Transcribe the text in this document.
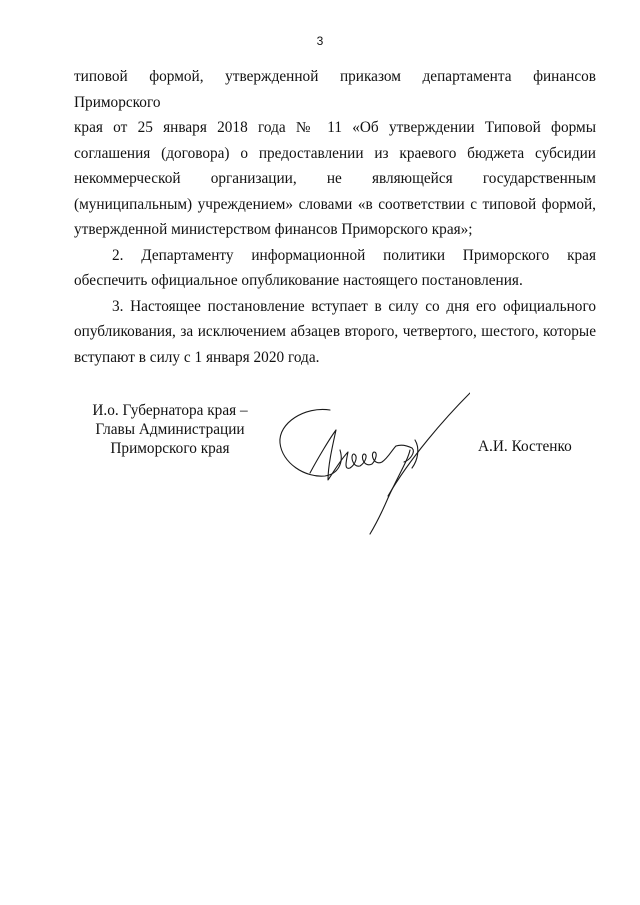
3

типовой формой, утвержденной приказом департамента финансов Приморского

края от 25 января 2018 года № 11 «Об утверждении Типовой формы

соглашения (договора) о предоставлении из краевого бюджета субсидии

некоммерческой организации, не являющейся государственным

(муниципальным) учреждением» словами «в соответствии с типовой формой,

утвержденной министерством финансов Приморского края»;

2. Департаменту информационной политики Приморского края обеспечить официальное опубликование настоящего постановления.

3. Настоящее постановление вступает в силу со дня его официального опубликования, за исключением абзацев второго, четвертого, шестого, которые вступают в силу с 1 января 2020 года.

И.о. Губернатора края –
Главы Администрации
Приморского края	А.И. Костенко
